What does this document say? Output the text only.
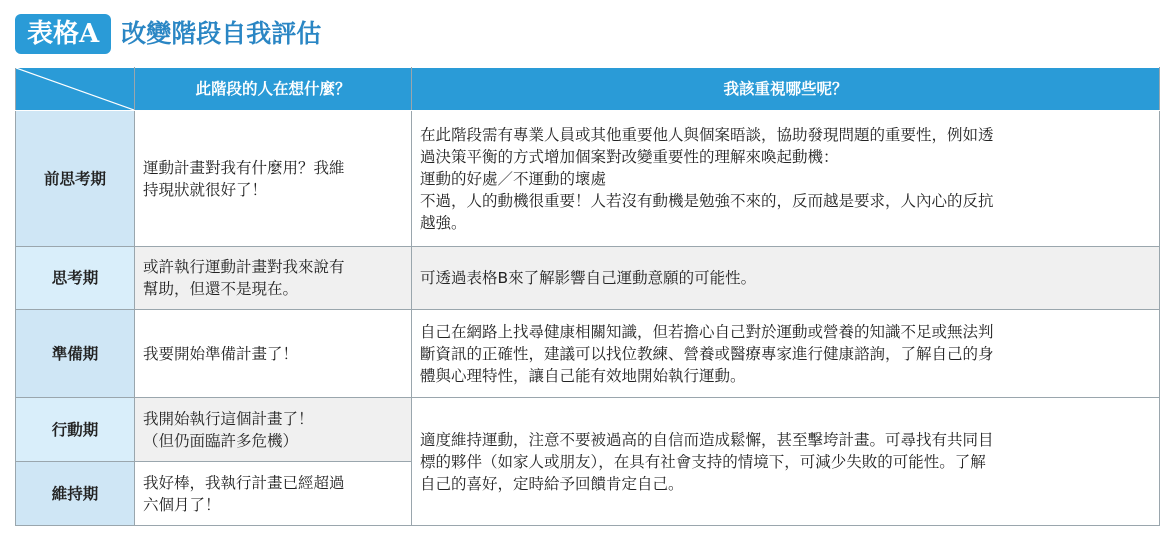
表格A 改變階段自我評估
	此階段的人在想什麼？	我該重視哪些呢？
前思考期	運動計畫對我有什麼用？我維
持現狀就很好了！	在此階段需有專業人員或其他重要他人與個案晤談，協助發現問題的重要性，例如透
過決策平衡的方式增加個案對改變重要性的理解來喚起動機：
運動的好處／不運動的壞處
不過，人的動機很重要！人若沒有動機是勉強不來的，反而越是要求，人內心的反抗
越強。

思考期	或許執行運動計畫對我來說有
幫助，但還不是現在。	可透過表格B來了解影響自己運動意願的可能性。

準備期	我要開始準備計畫了！	自己在網路上找尋健康相關知識，但若擔心自己對於運動或營養的知識不足或無法判
斷資訊的正確性，建議可以找位教練、營養或醫療專家進行健康諮詢，了解自己的身
體與心理特性，讓自己能有效地開始執行運動。

行動期	我開始執行這個計畫了！
（但仍面臨許多危機）	適度維持運動，注意不要被過高的自信而造成鬆懈，甚至擊垮計畫。可尋找有共同目
標的夥伴（如家人或朋友），在具有社會支持的情境下，可減少失敗的可能性。了解
自己的喜好，定時給予回饋肯定自己。

維持期	我好棒，我執行計畫已經超過
六個月了！	
